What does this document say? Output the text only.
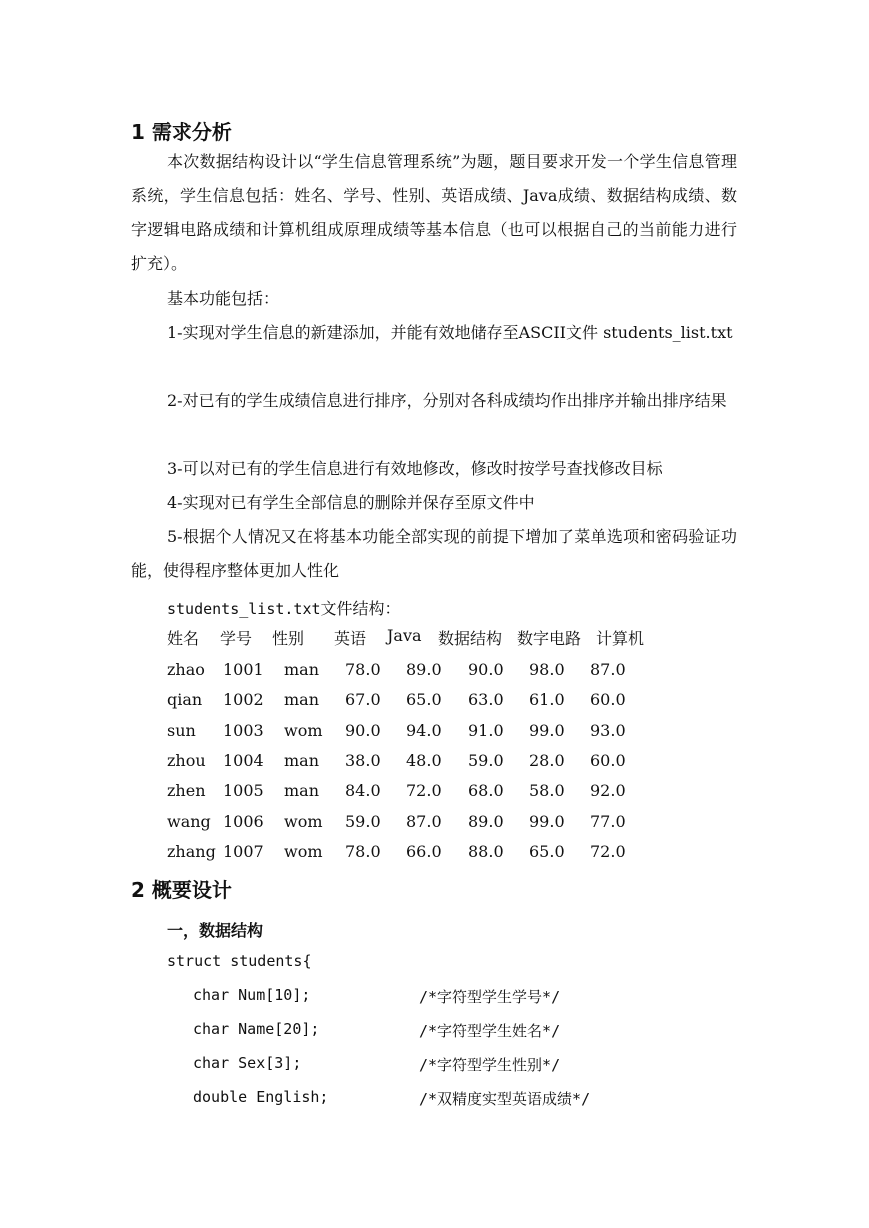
1 需求分析
本次数据结构设计以“学生信息管理系统”为题，题目要求开发一个学生信息管理系统，学生信息包括：姓名、学号、性别、英语成绩、Java成绩、数据结构成绩、数字逻辑电路成绩和计算机组成原理成绩等基本信息（也可以根据自己的当前能力进行扩充）。
基本功能包括：
1-实现对学生信息的新建添加，并能有效地储存至ASCII文件 students_list.txt
2-对已有的学生成绩信息进行排序，分别对各科成绩均作出排序并输出排序结果
3-可以对已有的学生信息进行有效地修改，修改时按学号查找修改目标
4-实现对已有学生全部信息的删除并保存至原文件中
5-根据个人情况又在将基本功能全部实现的前提下增加了菜单选项和密码验证功能，使得程序整体更加人性化
students_list.txt文件结构：
姓名 学号 性别 英语 Java 数据结构 数字电路 计算机
zhao 1001 man 78.0 89.0 90.0 98.0 87.0
qian 1002 man 67.0 65.0 63.0 61.0 60.0
sun 1003 wom 90.0 94.0 91.0 99.0 93.0
zhou 1004 man 38.0 48.0 59.0 28.0 60.0
zhen 1005 man 84.0 72.0 68.0 58.0 92.0
wang 1006 wom 59.0 87.0 89.0 99.0 77.0
zhang 1007 wom 78.0 66.0 88.0 65.0 72.0
2 概要设计
一，数据结构
struct students{
char Num[10];	/*字符型学生学号*/
char Name[20];	/*字符型学生姓名*/
char Sex[3];	/*字符型学生性别*/
double English;	/*双精度实型英语成绩*/
